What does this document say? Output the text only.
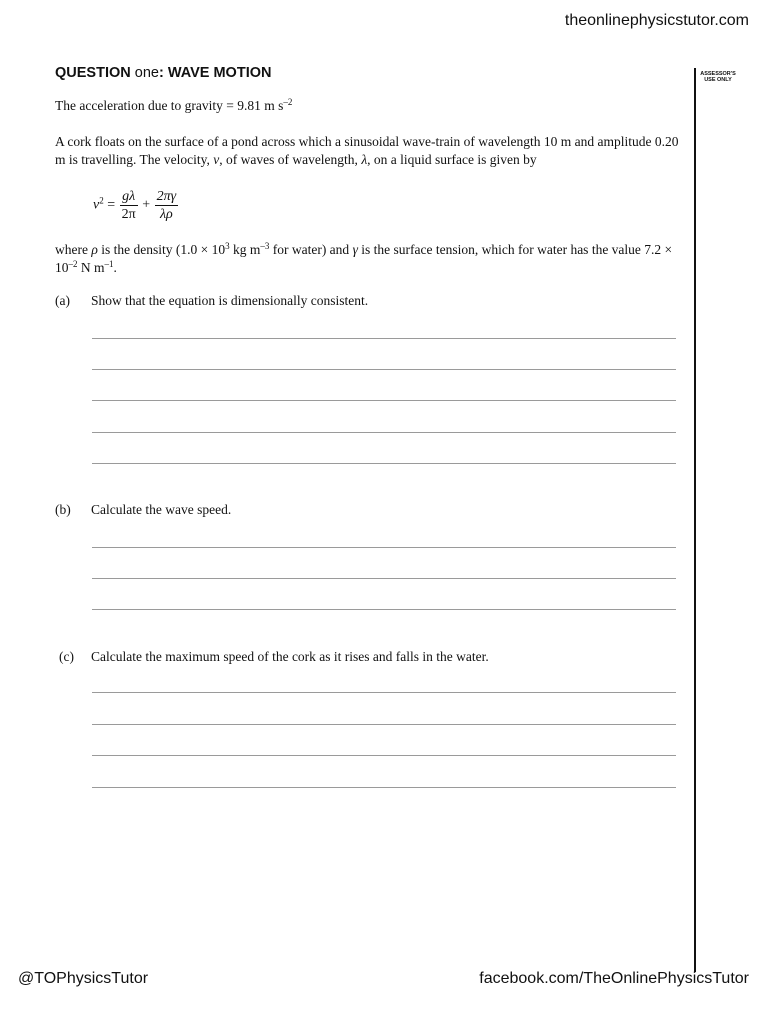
theonlinephysicstutor.com
ASSESSOR'S USE ONLY
QUESTION one: WAVE MOTION
The acceleration due to gravity = 9.81 m $s^{-2}$
A cork floats on the surface of a pond across which a sinusoidal wave-train of wavelength 10 m and amplitude 0.20 m is travelling. The velocity, v, of waves of wavelength, λ, on a liquid surface is given by
$v^2 = \frac{g\lambda}{2\pi} + \frac{2\pi\gamma}{\lambda\rho}$
where ρ is the density ($1.0 \times 10^3$ kg $m^{-3}$ for water) and γ is the surface tension, which for water has the value $7.2 \times 10^{-2}$ N $m^{-1}$.
(a) Show that the equation is dimensionally consistent.
(b) Calculate the wave speed.
(c) Calculate the maximum speed of the cork as it rises and falls in the water.
@TOPhysicsTutor	facebook.com/TheOnlinePhysicsTutor
